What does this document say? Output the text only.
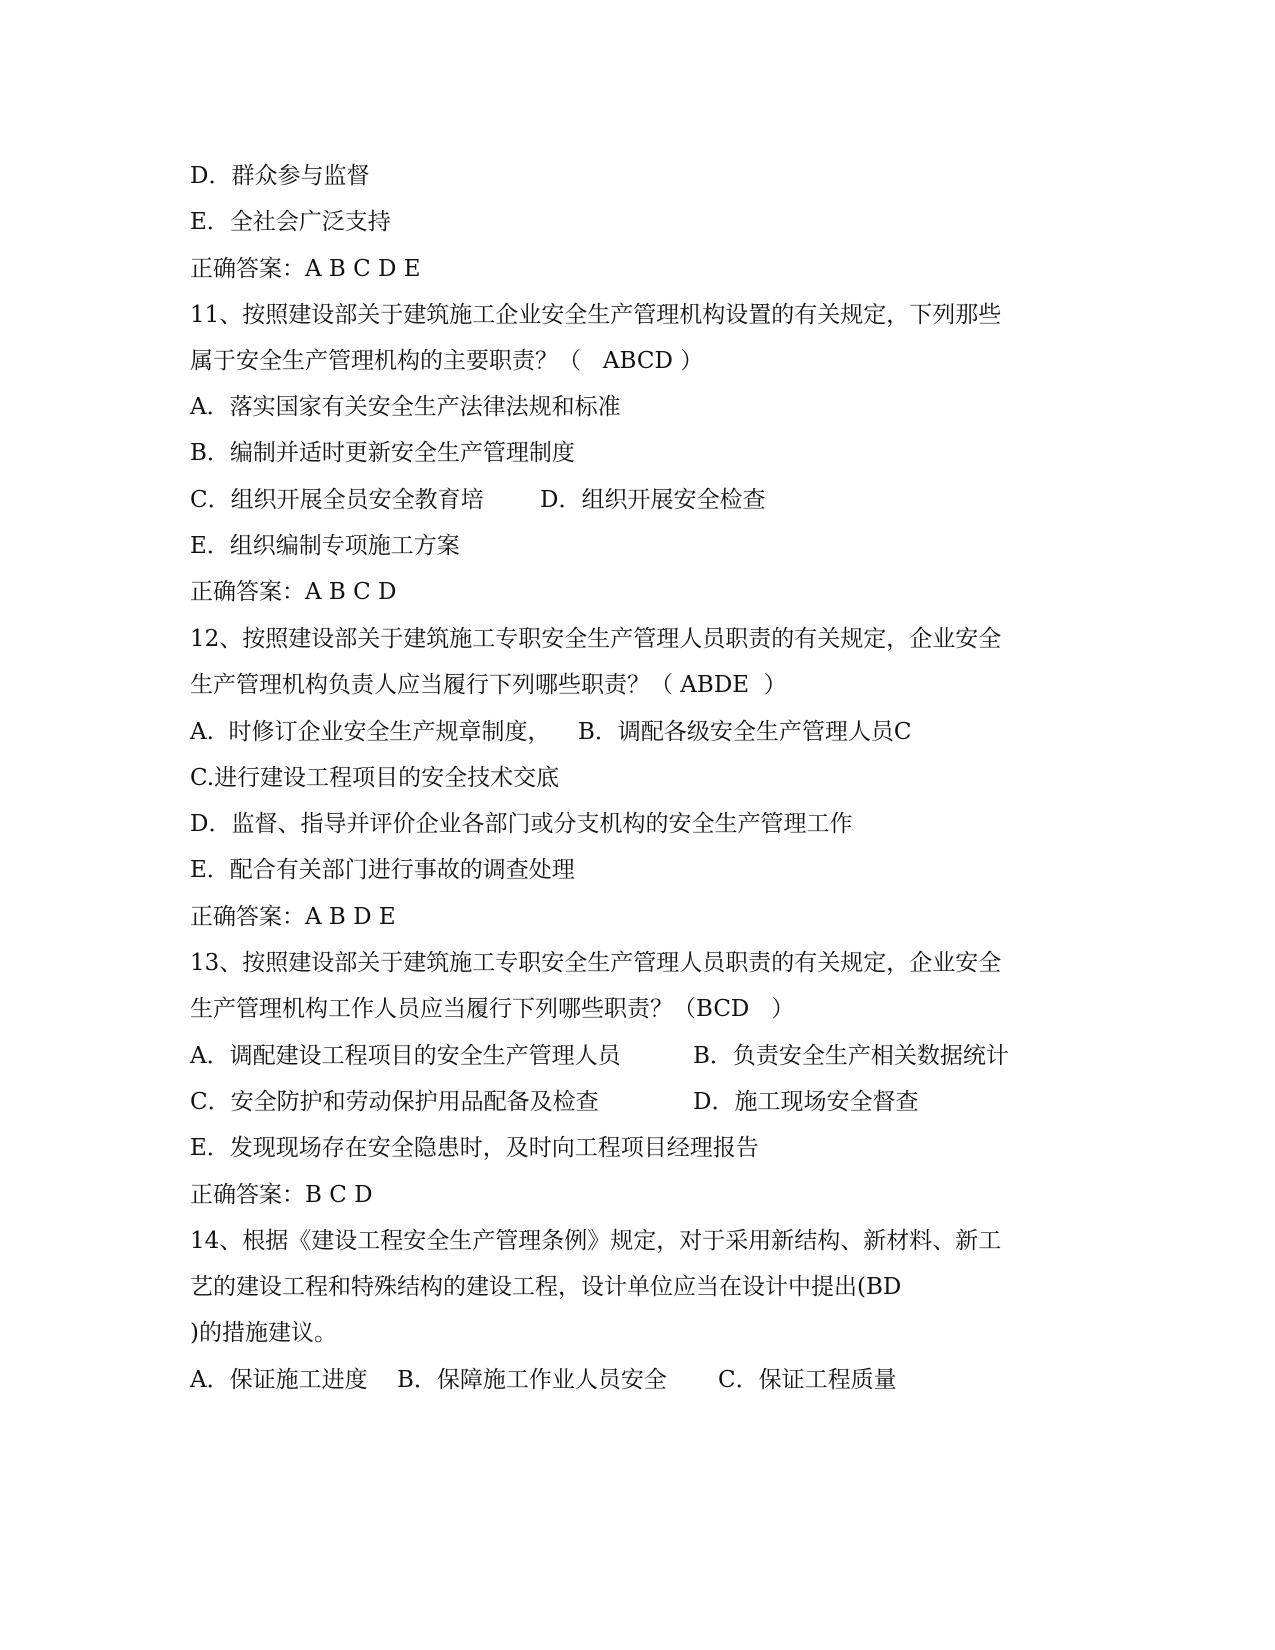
D．群众参与监督
E．全社会广泛支持
正确答案：A B C D E
11、按照建设部关于建筑施工企业安全生产管理机构设置的有关规定，下列那些
属于安全生产管理机构的主要职责？（   ABCD ）
A．落实国家有关安全生产法律法规和标准
B．编制并适时更新安全生产管理制度
C．组织开展全员安全教育培 D．组织开展安全检查
E．组织编制专项施工方案
正确答案：A B C D
12、按照建设部关于建筑施工专职安全生产管理人员职责的有关规定，企业安全
生产管理机构负责人应当履行下列哪些职责？（ ABDE  ）
A.  时修订企业安全生产规章制度， B．调配各级安全生产管理人员C
C.进行建设工程项目的安全技术交底
D．监督、指导并评价企业各部门或分支机构的安全生产管理工作
E．配合有关部门进行事故的调查处理
正确答案：A B D E
13、按照建设部关于建筑施工专职安全生产管理人员职责的有关规定，企业安全
生产管理机构工作人员应当履行下列哪些职责？（BCD   ）
A．调配建设工程项目的安全生产管理人员	B．负责安全生产相关数据统计
C．安全防护和劳动保护用品配备及检查	D．施工现场安全督查
E．发现现场存在安全隐患时，及时向工程项目经理报告
正确答案：B C D
14、根据《建设工程安全生产管理条例》规定，对于采用新结构、新材料、新工
艺的建设工程和特殊结构的建设工程，设计单位应当在设计中提出(BD
)的措施建议。
A．保证施工进度 B．保障施工作业人员安全 C．保证工程质量
